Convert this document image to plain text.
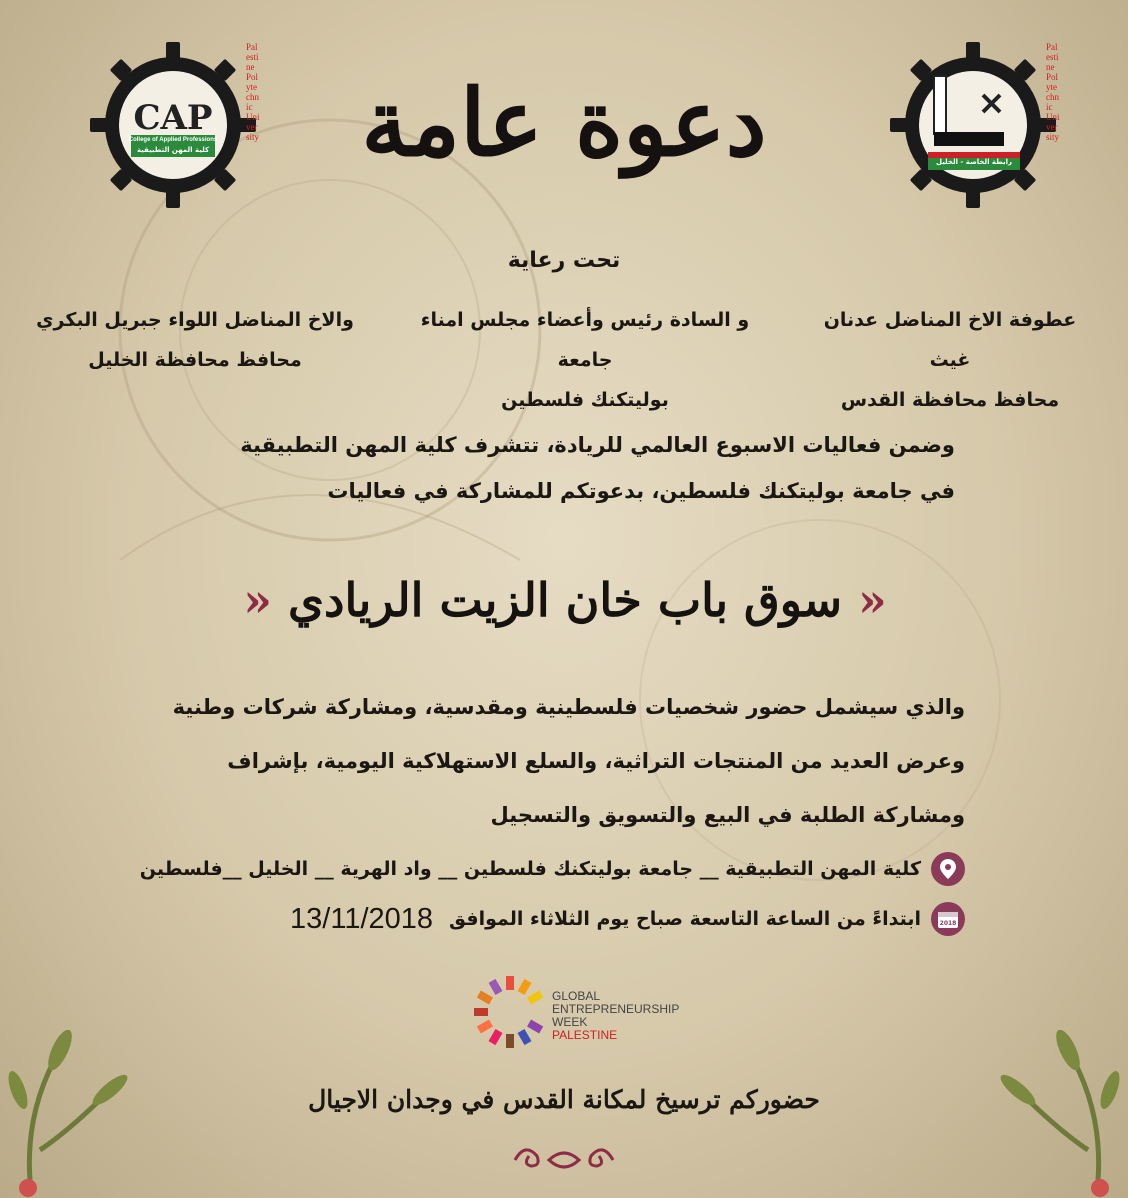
CAP
College of Applied Professions
كلية المهن التطبيقية
Palestine Polytechnic University	دعوة عامة	رابطة الخاصة - الخليل
Palestine Polytechnic University
تحت رعاية
عطوفة الاخ المناضل عدنان غيث
محافظ محافظة القدس
و السادة رئيس وأعضاء مجلس امناء جامعة
بوليتكنك فلسطين
والاخ المناضل اللواء جبريل البكري
محافظ محافظة الخليل
وضمن فعاليات الاسبوع العالمي للريادة، تتشرف كلية المهن التطبيقية
في جامعة بوليتكنك فلسطين، بدعوتكم للمشاركة في فعاليات
« سوق باب خان الزيت الريادي «
والذي سيشمل حضور شخصيات فلسطينية ومقدسية، ومشاركة شركات وطنية
وعرض العديد من المنتجات التراثية، والسلع الاستهلاكية اليومية، بإشراف
ومشاركة الطلبة في البيع والتسويق والتسجيل
كلية المهن التطبيقية __ جامعة بوليتكنك فلسطين __ واد الهرية __ الخليل __فلسطين
2018
ابتداءً من الساعة التاسعة صباح يوم الثلاثاء الموافق
13/11/2018
GLOBAL
ENTREPRENEURSHIP
WEEK
PALESTINE
حضوركم ترسيخ لمكانة القدس في وجدان الاجيال
